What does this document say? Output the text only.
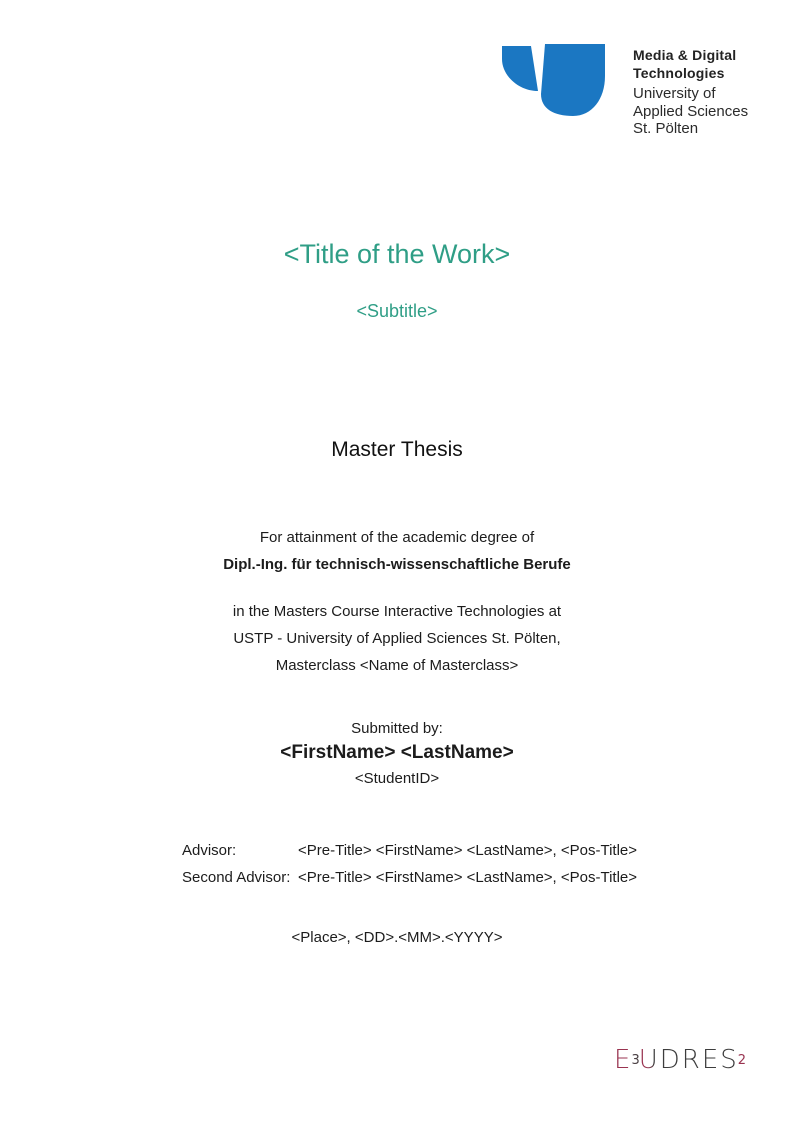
Media & Digital
Technologies
University of
Applied Sciences
St. Pölten
<Title of the Work>
<Subtitle>
Master Thesis
For attainment of the academic degree of
Dipl.-Ing. für technisch-wissenschaftliche Berufe
in the Masters Course Interactive Technologies at
USTP - University of Applied Sciences St. Pölten,
Masterclass <Name of Masterclass>
Submitted by:
<FirstName> <LastName>
<StudentID>
Advisor:	<Pre-Title> <FirstName> <LastName>, <Pos-Title>
Second Advisor: <Pre-Title> <FirstName> <LastName>, <Pos-Title>
<Place>, <DD>.<MM>.<YYYY>
$E^3UDRES^2$
